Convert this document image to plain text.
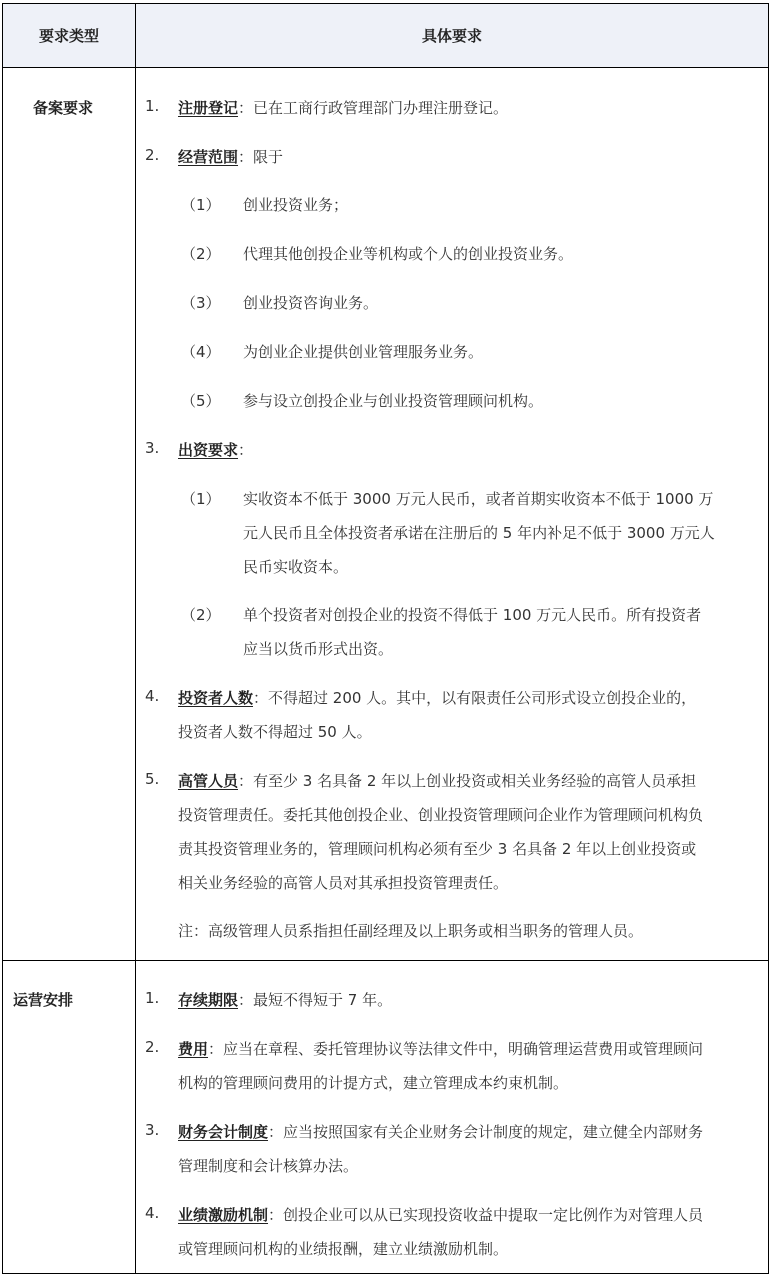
要求类型	具体要求
备案要求	1. 注册登记：已在工商行政管理部门办理注册登记。
2. 经营范围：限于
（1） 创业投资业务；
（2） 代理其他创投企业等机构或个人的创业投资业务。
（3） 创业投资咨询业务。
（4） 为创业企业提供创业管理服务业务。
（5） 参与设立创投企业与创业投资管理顾问机构。
3. 出资要求：
（1） 实收资本不低于 3000 万元人民币，或者首期实收资本不低于 1000 万
元人民币且全体投资者承诺在注册后的 5 年内补足不低于 3000 万元人
民币实收资本。
（2） 单个投资者对创投企业的投资不得低于 100 万元人民币。所有投资者
应当以货币形式出资。
4. 投资者人数：不得超过 200 人。其中，以有限责任公司形式设立创投企业的，
投资者人数不得超过 50 人。
5. 高管人员：有至少 3 名具备 2 年以上创业投资或相关业务经验的高管人员承担
投资管理责任。委托其他创投企业、创业投资管理顾问企业作为管理顾问机构负
责其投资管理业务的，管理顾问机构必须有至少 3 名具备 2 年以上创业投资或
相关业务经验的高管人员对其承担投资管理责任。
注：高级管理人员系指担任副经理及以上职务或相当职务的管理人员。
运营安排	1. 存续期限：最短不得短于 7 年。
2. 费用：应当在章程、委托管理协议等法律文件中，明确管理运营费用或管理顾问
机构的管理顾问费用的计提方式，建立管理成本约束机制。
3. 财务会计制度：应当按照国家有关企业财务会计制度的规定，建立健全内部财务
管理制度和会计核算办法。
4. 业绩激励机制：创投企业可以从已实现投资收益中提取一定比例作为对管理人员
或管理顾问机构的业绩报酬，建立业绩激励机制。
